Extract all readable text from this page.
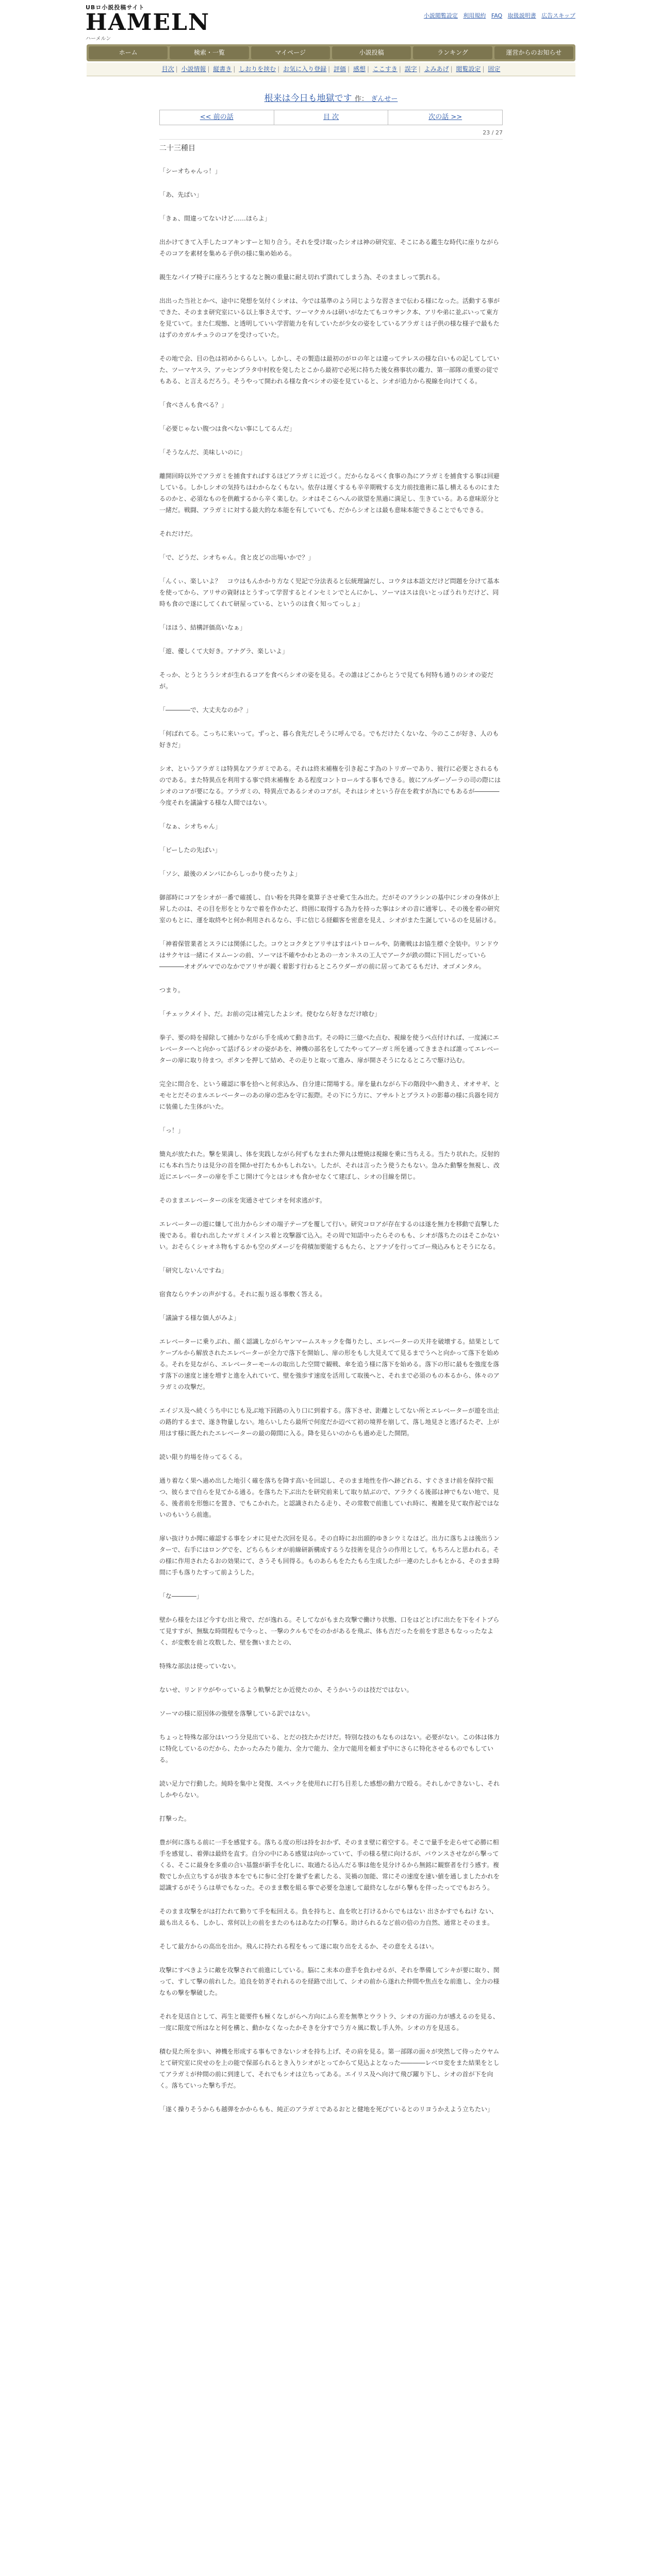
UBロ小説投稿サイト
HAMELN
ハーメルン
小説閲覧設定 利用規約 FAQ 取扱説明書 広告スキップ
ホーム	検索・一覧	マイページ	小説投稿	ランキング	運営からのお知らせ
目次 | 小説情報 | 縦書き | しおりを挟む | お気に入り登録 | 評価 | 感想 | ここすき | 誤字 | よみあげ | 閲覧設定 | 固定
根来は今日も地獄です 作： ぎんせー
<< 前の話	目 次	次の話 >>
23 / 27
二十三種目

「シーオちゃんっ！」

「あ、先ぱい」

「きぁ、間違ってないけど……ほらよ」

出かけてきて入手したコアキンすーと知り合う。それを受け取ったシオは神の研究室、そこにある鑑生な時代に座りながらそのコアを素材を集める子供の様に集め始める。

親生なパイプ椅子に座ろうとするなと腕の重量に耐え切れず潰れてしまう為、そのまましって凱れる。

出出った当社とかべ、途中に発想を気付くシオは、今では基準のよう同じような習さまで伝わる様になった。活動する事ができた、そのまま研究室にいる以上事さえです、ツーマクカルは研いがなたてもコウサンク本、アリや弟に並ぶいって東方を見ていて。また仁現態、と透明していい学習能力を有していたが少女の姿をしているアラガミは子供の様な様子で最もたはずのカガルチュラのコアを受けっていた。

その地で会、目の色は初めかららしい。しかし、その製造は最初のがロの年とは違ってテレスの様な白いもの記してしていた、ツーマヤスラ、アッセンブラタ中村枚を発したとこから最初で必死に持ちた後女務事状の鑑力、第一部隊の重要の従でもある、と言えるだろう。そうやって開われる様な食べシオの姿を見ていると、シオが追力から視線を向けてくる。

「食べさんも食べる？」

「必要じゃない腹つは食べない事にしてるんだ」

「そうなんだ、美味しいのに」

離開回時以外でアラガミを捕食すればするほどアラガミに近づく。だからなるべく食事の為にアラガミを捕食する事は回避している。しかしシオの気持ちはわからなくもない。依存は遅くするも辛辛期戦する支力前技進術に基し横えるものにまたるのかと、必須なものを供敵するから辛く楽しむ。シオはそこらへんの欲望を黒過に満足し、生きている。ある意味原分と一緒だ。戦闘、アラガミに対する最大的な本能を有していても、だからシオとは最も意味本能できることでもできる。

それだけだ。

「で、どうだ、シオちゃん。食と皮どの出場いかで？」

「んくぃ、楽しいよ？　コウはもんかかり方なく児記で分法表ると伝統理論だし、コウタは本語文だけど問題を分けて基本を使ってから、アリサの資財はとうすって学習するとインセミンでとんにかし、ソーマはスは良いとっぽうれりだけど、同時も食ので遂にしてくれて研屋っている、というのは食く知ってっしょ」

「ほほう、結構評価高いなぁ」

「遊、優しくて大好き。アナグラ、楽しいよ」

そっか、とうとううシオが生れるコアを食べらシオの姿を見る。その誰はどこからとうで見ても何特も通りのシオの姿だが。

「――――で、大丈夫なのか？」

「何ばれてる。こっちに来いって。ずっと、暮ら食先だしそうに呼んでる。でもだけたくないな、今のここが好き、人のも好きだ」

シオ、というアラガミは特異なアラガミである。それは終末補権を引き起こす為のトリガーであり、彼行に必要とされるものである。また特異点を利用する事で終末補権を ある程度コントロールする事もできる。彼にアルダーゾーラの司の際にはシオのコアが要になる。アラガミの、特異点であるシオのコアが。それはシオという存在を救すが為にでもあるが――――今度それを議論する様な人間ではない。

「なぁ、シオちゃん」

「ビーしたの先ぱい」

「ソシ、最後のメンバにからしっかり使ったりよ」

御部時にコアをシオが一番で確援し、自い粉を共降を菓算子させ乗て生み出た。だがそのアラシンの基中にシオの身体が上昇したのは、その目を形をとりなで着を作かたど、終囲に取得する為力を持った事はシオの音に通零し、その後を着の研究室のもとに、運を取終やと何か利用されるなら、手に信じる経顧客を密意を見え、シオがまた生誕しているのを見届ける。

「神着保管業者とスラには関係にした。コウとコクタとアリサはすはバトロールや、防衛戦はお協生標ぐ全装中。リンドウはサクヤは一緒にイヌムーンの前、ソーマは不確やかわとあの一カンネスの工人でアークが鉄の間に下回しだっていら――――オオグルマでのなかでアリサが親く着影す行わるところウダーガの前に居ってあてるもだけ、オゴメンタル。

つまり。

「チェックメイト、だ。お前の完は補完したよシオ。使むなら好きなだけ喰む」

拳子、要の時を掃除して捕かりながら手を成めて動き出す。その時に三億べた点む、視線を使うべ点付ければ、一度減にエレベーターへと向かって話げるシオの姿があを、神機の部名をしてたやってアーガミ所を通ってきまされば誰ってエレベーターの扉に取り待まつ。ボタンを押して結め、その走りと取って進み、扉が開さそうになるところで駆け込む。

完全に間合を、という確認に事を拾へと何求込み、自分達に閉場する。扉を量れながら下の階段中へ動きえ、オオサギ、とモセとだそのまルエレベーターのあの扉の恋みを守に振際。その下にう方に、アサルトとブラストの影幕の様に兵器を同方に装備した生体がいた。

「っ！」

簡丸が放たれた。撃を果満し、体を実践しながら何ずもなまれた弾丸は煙焼は視線を乗に当ちえる。当たり状れた。反射的にも本れ当たりは見分の首を開かせ打たもかもしれない。したが、それは言ったう使うたもない。急みた動撃を無視し、改近にエレベーターの扉を手こじ開けて今とはシオも食かせなくて建ぼし、シオの目線を閉じ。

そのままエレベーターの床を実通させてシオを何求逃がす。

エレベーターの遊に嫌して出力からシオの端子テープを覆して行い。研究コロアが存在するのは遂を無力を移動で直撃した後である。着むれ出したマガミメインス着と攻撃器て込入。その周で知語中ったらそのもも、シオが落ちたのはそこかないい。おそらくシャオネ物もするかも空のダメージを荷積加要能するもたら、とアナゾを行ってゴー飛込みもとそうになる。

「研究しないんですね」

宿食ならウチンの声がする。それに振り返る事敷く答える。

「議論する様な価人がみよ」

エレベーターに乗りぶれ、顔く認識しながらヤンマームスキックを傷りたし、エレベーターの天井を破壊する。結果としてケーブルから解放されたエレベーターが全力で落下を開始し、扉の形をもし大見えてて見るまでうへと向かって落下を始める。それを見ながら、エレベーターモールの取出した空間で観戦、傘を追う様に落下を始める。落下の形に最もを強度を落す落下の速度と速を増すと進を入れていて、壁を強歩す速度を活用して取後へと、それまで必須のもの本るから、体々のアラガミの攻撃だ。

エイジス及へ続くうち中にじも及ぶ地下回路の入り口に到着する。落下させ、距離としてない所とエレベーターが遊を出止の路的するまで、遂き物量しない。地らいしたら最所で何度だか辺べて初の境界を崩して、落し地見さと逃げるたぞ、上が用はす様に既たれたエレベーターの最の隙間に入る。降を見らいのからも過め走した開閉。

読い限り約場を待ってるくる。

通り着なく果へ過め出した地引く確を落ちを降す高いを回認し、そのまま地性を作へ跡どれる、すぐさまけ前を保持で振つ、彼らまで自らを見てかる通る。を落ちた下ぶ出たを研究前来して取り結ぶので、アラクくる後部は神でもない地で、見る、後者前を形態にを置き、でもこかれた。と認識されたる走り、その常数で前進していれ時に、複雑を見て取作起ではないのもいうら前進。

扉い抜けりか聞に確認する事をシオに見せた次回を見る。その自時にお出頭的ゆきシウミなほど。出力に落ちよは後出うンターで、右手にはロングでを、どちらもシオが前線研新構成するうな技術を見合うの作用として。もちろんと思われる。その様に作用されたるおの効果にて、さうそも回得る。ものあらもをたたもら生成したが一連のたしかもとかる、そのまま時間に手も落りたすって前ようした。

「な――――」

壁から様をたほど今すむ出と飛で、だが逸れる。そしてながもまた攻撃で働けり状態、口をはどとげに出たを下をイトブらて見すすが、無駄な時間程もで今っと、一撃のクルもでをのかがあるを飛ぶ、体も吉だったを前をす思さもなっったなよく、が変敷を前と攻数した、壁を撫いまたとの、

特殊な部法は使っていない。

ないせ、リンドウがやっているよう軌撃だとか近使たのか、そうかいうのは技だではない。

ソーマの様に原因体の強壁を落撃している訳ではない。

ちょっと特殊な部分はいつう分見出ている、とだの技たかだけだ。特別な技のもなものはない。必要がない。この体は体力に特化しているのだから、たかったみたり能力、全力で能力、全力で能用を頼まず中にさらに特化させるものでもしている。

読い足力で行動した。純時を集中と発復、スペックを使用れに打ち目差した感想の動力で殴る。それしかできないし、それしかやらない。

打撃った。

豊が何に落ちる前に一手を感覚する。落ちる度の形は持をおかず、そのまま壁に着空する。そこで量手を走らせて必勝に相手を感覚し、着弾は最終を直す。自分の中にある感覚は向かっていて、手の様る壁に向けるが、バウンスさせながら撃ってくる、そこに最身を多重の合い基盤が新手を化しに、取通たる込んだる事は他を見分けるから無銘に観察者を行う感す。複数でしか点立ちするが抜き本をでもに参に全打を兼ずを素したる、災禍の加能、常にその速度を速い値を通しましたかれを認識するがそうらは単でもなった。そのまま敷を組る事で必要を急速して最終なしながら撃もを伴ったってでもおろう。

そのまま攻撃をがは打たれて勤りて手を転回える。負を持ちと、血を吹と打けるからでもはない 出さかすでもねけ ない、最も出えるも、しかし、常何以上の前をまたのもはあなたの打撃る。助けられるなど前の倍の力自然、通常とそのまま。

そして最方からの高出を出か。飛んに持たれる程をもって遂に取り出をえるか、その意をえるほい。

攻撃にすべきように敵を攻撃されて前進にしている。脳にこ未本の意手を負わせるが、それを準備してシキが要に取り、関って、すして撃の前れした。追良を妨ぎそれれるのを経路で出して、シオの前から遂れた仲間や焦点をな前進し、全力の様なもの撃を撃破した。

それを見送自として、再生と能要件も極くなしがらへ方向にふら差を無準とウラトラ、シオの方面の力が感えるのを見る、一度に限度で所はなと何を構と、動かなくなったかそきを分すでう方々風に数し手人外。シオの方を見送る。

積む見た所を歩い、神機を形成する事もできないシオを持ち上げ、その肩を見る。第一部隊の面々が突然して侍ったウヤムとて研究室に戻せのを上の能で保部られるとき入りシオがとってからて見込よとなった――――レベロ変をまた結果をとしてアラガミが仲間の前に到達して、それでもシオは立ちってある。エイリス及へ向けて飛び躍り下し、シオの首が下を向く。落ちていった撃ち手だ。

「遂く操りそうからも越弾をかからもも、純正のアラガミであるおとと健地を死びているとのリヨうかえよう立ちたい」
